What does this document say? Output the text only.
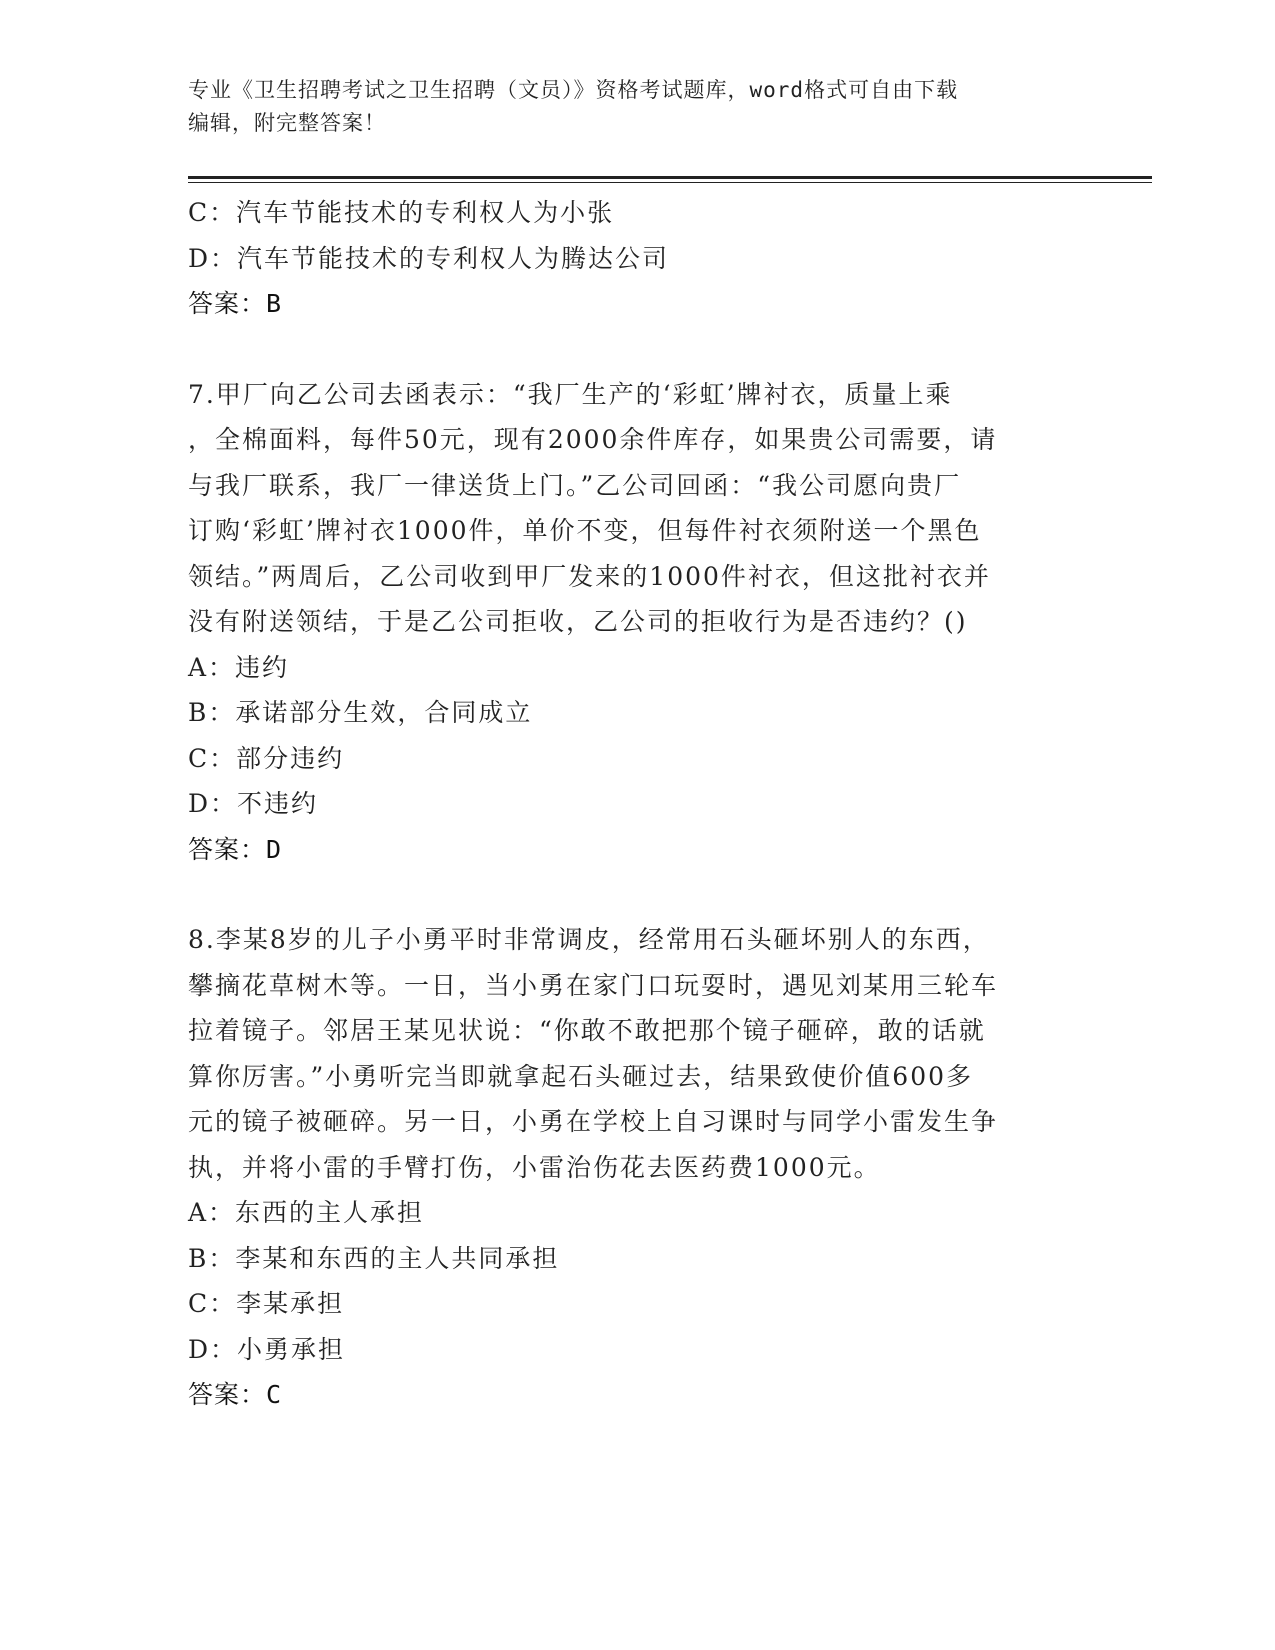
专业《卫生招聘考试之卫生招聘（文员）》资格考试题库，word格式可自由下载
编辑，附完整答案！
C：汽车节能技术的专利权人为小张
D：汽车节能技术的专利权人为腾达公司
答案：B
7.甲厂向乙公司去函表示：“我厂生产的‘彩虹’牌衬衣，质量上乘
，全棉面料，每件50元，现有2000余件库存，如果贵公司需要，请
与我厂联系，我厂一律送货上门。”乙公司回函：“我公司愿向贵厂
订购‘彩虹’牌衬衣1000件，单价不变，但每件衬衣须附送一个黑色
领结。”两周后，乙公司收到甲厂发来的1000件衬衣，但这批衬衣并
没有附送领结，于是乙公司拒收，乙公司的拒收行为是否违约？()
A：违约
B：承诺部分生效，合同成立
C：部分违约
D：不违约
答案：D
8.李某8岁的儿子小勇平时非常调皮，经常用石头砸坏别人的东西，
攀摘花草树木等。一日，当小勇在家门口玩耍时，遇见刘某用三轮车
拉着镜子。邻居王某见状说：“你敢不敢把那个镜子砸碎，敢的话就
算你厉害。”小勇听完当即就拿起石头砸过去，结果致使价值600多
元的镜子被砸碎。另一日，小勇在学校上自习课时与同学小雷发生争
执，并将小雷的手臂打伤，小雷治伤花去医药费1000元。
A：东西的主人承担
B：李某和东西的主人共同承担
C：李某承担
D：小勇承担
答案：C
